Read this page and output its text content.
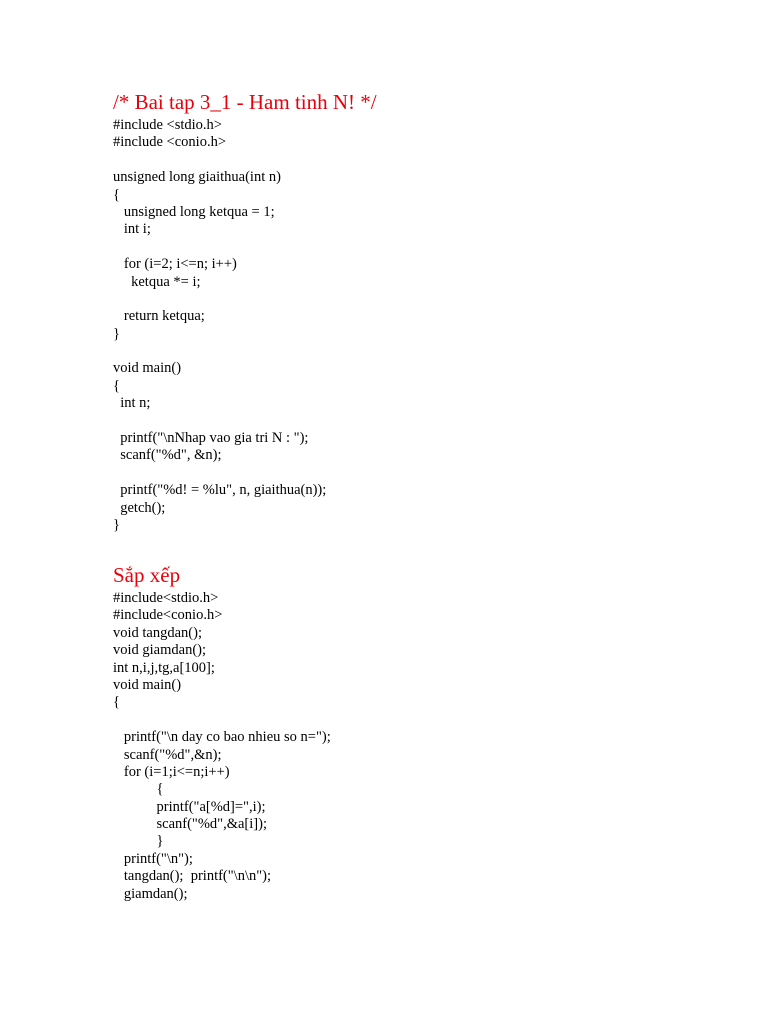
/* Bai tap 3_1 - Ham tinh N! */
#include <stdio.h>
#include <conio.h>
unsigned long giaithua(int n)
{
unsigned long ketqua = 1;
int i;
for (i=2; i<=n; i++)
ketqua *= i;
return ketqua;
}
void main()
{
int n;
printf("\nNhap vao gia tri N : ");
scanf("%d", &n);
printf("%d! = %lu", n, giaithua(n));
getch();
}
Sắp xếp
#include<stdio.h>
#include<conio.h>
void tangdan();
void giamdan();
int n,i,j,tg,a[100];
void main()
{
printf("\n day co bao nhieu so n=");
scanf("%d",&n);
for (i=1;i<=n;i++)
{
printf("a[%d]=",i);
scanf("%d",&a[i]);
}
printf("\n");
tangdan();  printf("\n\n");
giamdan();
